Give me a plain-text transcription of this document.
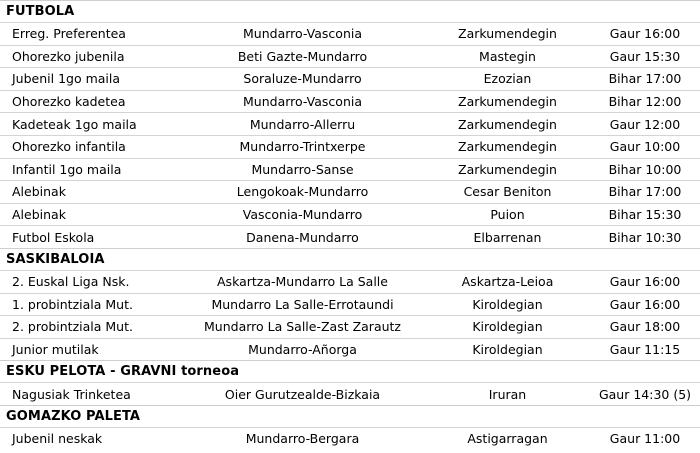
FUTBOLA
Erreg. Preferentea	Mundarro-Vasconia	Zarkumendegin	Gaur 16:00
Ohorezko jubenila	Beti Gazte-Mundarro	Mastegin	Gaur 15:30
Jubenil 1go maila	Soraluze-Mundarro	Ezozian	Bihar 17:00
Ohorezko kadetea	Mundarro-Vasconia	Zarkumendegin	Bihar 12:00
Kadeteak 1go maila	Mundarro-Allerru	Zarkumendegin	Gaur 12:00
Ohorezko infantila	Mundarro-Trintxerpe	Zarkumendegin	Gaur 10:00
Infantil 1go maila	Mundarro-Sanse	Zarkumendegin	Bihar 10:00
Alebinak	Lengokoak-Mundarro	Cesar Beniton	Bihar 17:00
Alebinak	Vasconia-Mundarro	Puion	Bihar 15:30
Futbol Eskola	Danena-Mundarro	Elbarrenan	Bihar 10:30
SASKIBALOIA
2. Euskal Liga Nsk.	Askartza-Mundarro La Salle	Askartza-Leioa	Gaur 16:00
1. probintziala Mut.	Mundarro La Salle-Errotaundi	Kiroldegian	Gaur 16:00
2. probintziala Mut.	Mundarro La Salle-Zast Zarautz	Kiroldegian	Gaur 18:00
Junior mutilak	Mundarro-Añorga	Kiroldegian	Gaur 11:15
ESKU PELOTA - GRAVNI torneoa
Nagusiak Trinketea	Oier Gurutzealde-Bizkaia	Iruran	Gaur 14:30 (5)
GOMAZKO PALETA
Jubenil neskak	Mundarro-Bergara	Astigarragan	Gaur 11:00
